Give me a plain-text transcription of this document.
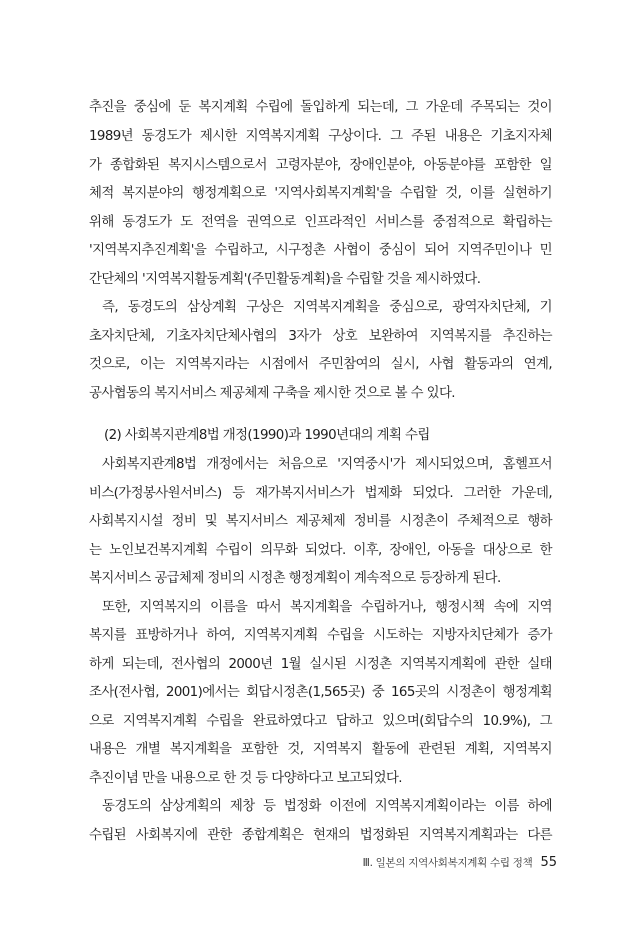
추진을 중심에 둔 복지계획 수립에 돌입하게 되는데, 그 가운데 주목되는 것이
1989년 동경도가 제시한 지역복지계획 구상이다. 그 주된 내용은 기초지자체
가 종합화된 복지시스템으로서 고령자분야, 장애인분야, 아동분야를 포함한 일
체적 복지분야의 행정계획으로 '지역사회복지계획'을 수립할 것, 이를 실현하기
위해 동경도가 도 전역을 권역으로 인프라적인 서비스를 중점적으로 확립하는
'지역복지추진계획'을 수립하고, 시구정촌 사협이 중심이 되어 지역주민이나 민
간단체의 '지역복지활동계획'(주민활동계획)을 수립할 것을 제시하였다.
즉, 동경도의 삼상계획 구상은 지역복지계획을 중심으로, 광역자치단체, 기
초자치단체, 기초자치단체사협의 3자가 상호 보완하여 지역복지를 추진하는
것으로, 이는 지역복지라는 시점에서 주민참여의 실시, 사협 활동과의 연계,
공사협동의 복지서비스 제공체제 구축을 제시한 것으로 볼 수 있다.
(2) 사회복지관계8법 개정(1990)과 1990년대의 계획 수립
사회복지관계8법 개정에서는 처음으로 '지역중시'가 제시되었으며, 홈헬프서
비스(가정봉사원서비스) 등 재가복지서비스가 법제화 되었다. 그러한 가운데,
사회복지시설 정비 및 복지서비스 제공체제 정비를 시정촌이 주체적으로 행하
는 노인보건복지계획 수립이 의무화 되었다. 이후, 장애인, 아동을 대상으로 한
복지서비스 공급체제 정비의 시정촌 행정계획이 계속적으로 등장하게 된다.
또한, 지역복지의 이름을 따서 복지계획을 수립하거나, 행정시책 속에 지역
복지를 표방하거나 하여, 지역복지계획 수립을 시도하는 지방자치단체가 증가
하게 되는데, 전사협의 2000년 1월 실시된 시정촌 지역복지계획에 관한 실태
조사(전사협, 2001)에서는 회답시정촌(1,565곳) 중 165곳의 시정촌이 행정계획
으로 지역복지계획 수립을 완료하였다고 답하고 있으며(회답수의 10.9%), 그
내용은 개별 복지계획을 포함한 것, 지역복지 활동에 관련된 계획, 지역복지
추진이념 만을 내용으로 한 것 등 다양하다고 보고되었다.
동경도의 삼상계획의 제창 등 법정화 이전에 지역복지계획이라는 이름 하에
수립된 사회복지에 관한 종합계획은 현재의 법정화된 지역복지계획과는 다른
Ⅲ. 일본의 지역사회복지계획 수립 정책 55
